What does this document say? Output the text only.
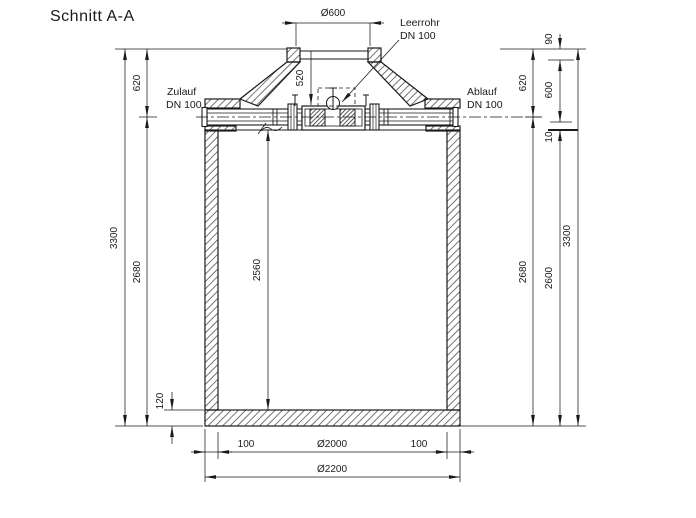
Schnitt A-A
Zulauf
DN 100
Ablauf
DN 100
Leerrohr
DN 100
Ø600
520
620
3300
2680	2560
120
90
620 600
10
2680 2600
3300
100	Ø2000	100
Ø2200
